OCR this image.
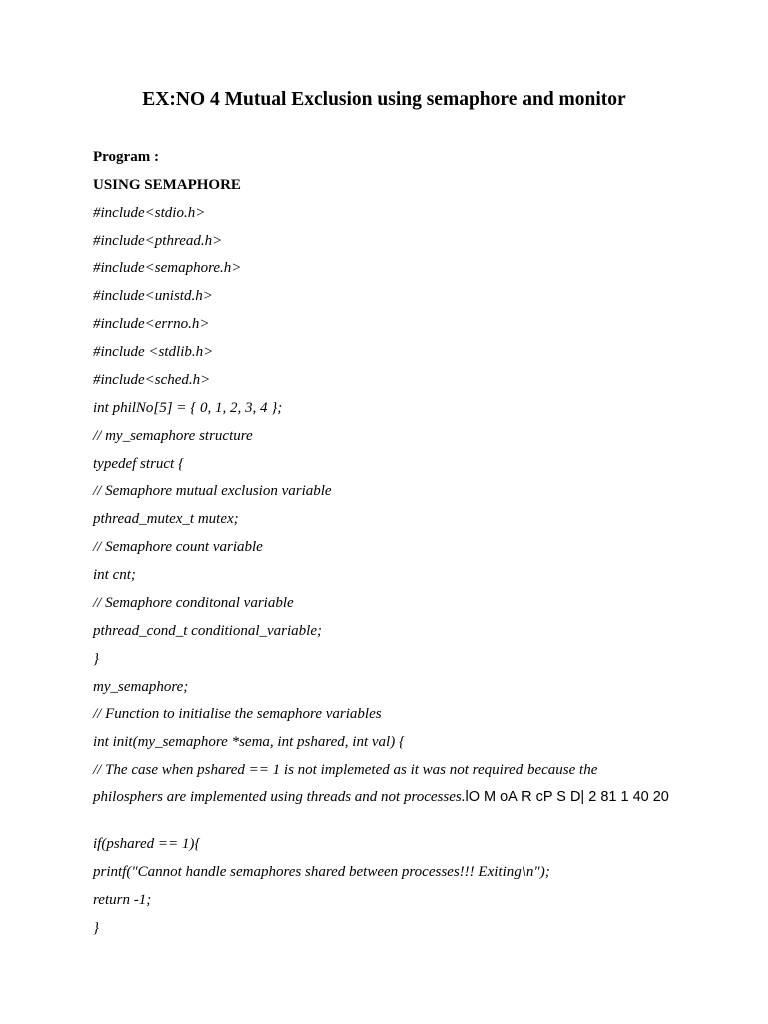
EX:NO 4 Mutual Exclusion using semaphore and monitor
Program :
USING SEMAPHORE
#include<stdio.h>
#include<pthread.h>
#include<semaphore.h>
#include<unistd.h>
#include<errno.h>
#include <stdlib.h>
#include<sched.h>
int philNo[5] = { 0, 1, 2, 3, 4 };
// my_semaphore structure
typedef struct {
// Semaphore mutual exclusion variable
pthread_mutex_t mutex;
// Semaphore count variable
int cnt;
// Semaphore conditonal variable
pthread_cond_t conditional_variable;
}
my_semaphore;
// Function to initialise the semaphore variables
int init(my_semaphore *sema, int pshared, int val) {
// The case when pshared == 1 is not implemeted as it was not required because the
philosphers are implemented using threads and not processes.lO M oA R cP S D| 2 81 1 40 20
if(pshared == 1){
printf("Cannot handle semaphores shared between processes!!! Exiting\n");
return -1;
}
